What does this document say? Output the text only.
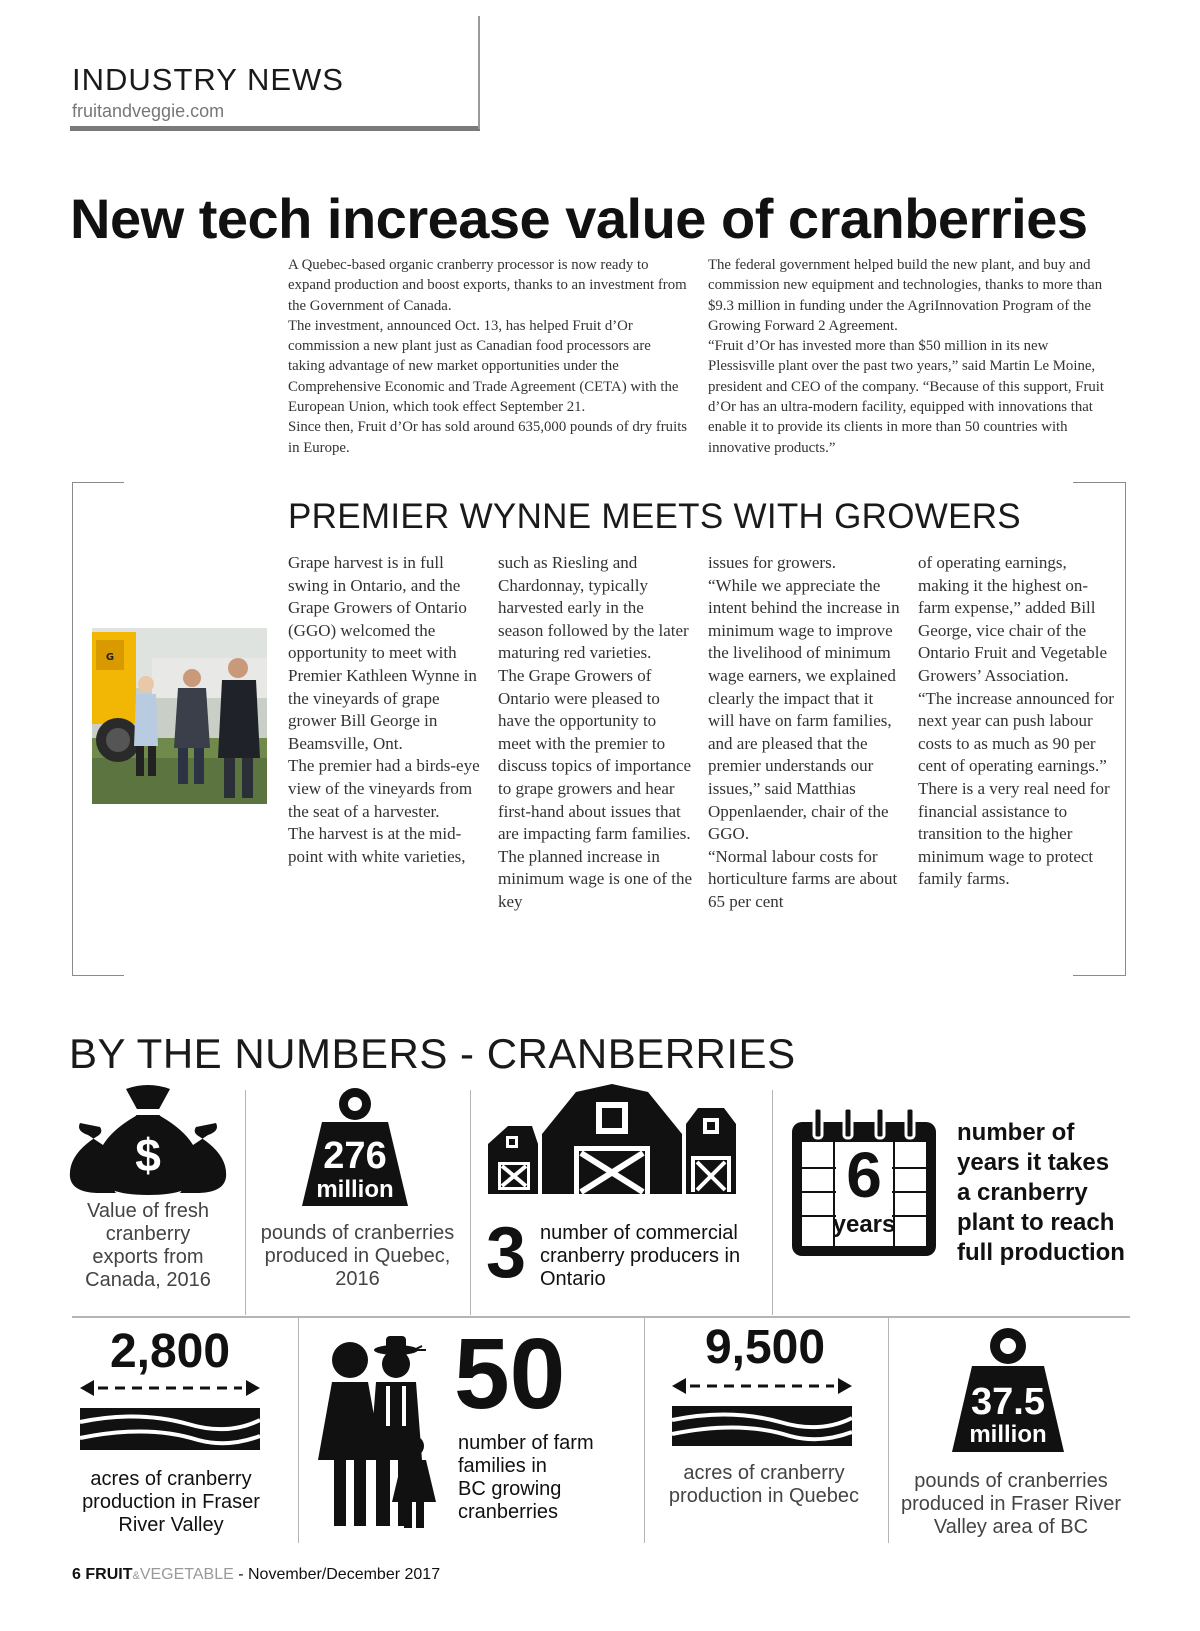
INDUSTRY NEWS
fruitandveggie.com
New tech increase value of cranberries

A Quebec-based organic cranberry processor is now ready to expand production and boost exports, thanks to an investment from the Government of Canada.

The investment, announced Oct. 13, has helped Fruit d’Or commission a new plant just as Canadian food processors are taking advantage of new market opportunities under the Comprehensive Economic and Trade Agreement (CETA) with the European Union, which took effect September 21.

Since then, Fruit d’Or has sold around 635,000 pounds of dry fruits in Europe.

The federal government helped build the new plant, and buy and commission new equipment and technologies, thanks to more than $9.3 million in funding under the AgriInnovation Program of the Growing Forward 2 Agreement.

“Fruit d’Or has invested more than $50 million in its new Plessisville plant over the past two years,” said Martin Le Moine, president and CEO of the company. “Because of this support, Fruit d’Or has an ultra-modern facility, equipped with innovations that enable it to provide its clients in more than 50 countries with innovative products.”

PREMIER WYNNE MEETS WITH GROWERS
G

Grape harvest is in full swing in Ontario, and the Grape Growers of Ontario (GGO) welcomed the opportunity to meet with Premier Kathleen Wynne in the vineyards of grape grower Bill George in Beamsville, Ont.

The premier had a birds-eye view of the vineyards from the seat of a harvester.

The harvest is at the mid-point with white varieties,

such as Riesling and Chardonnay, typically harvested early in the season followed by the later maturing red varieties.

The Grape Growers of Ontario were pleased to have the opportunity to meet with the premier to discuss topics of importance to grape growers and hear first-hand about issues that are impacting farm families. The planned increase in minimum wage is one of the key

issues for growers.

“While we appreciate the intent behind the increase in minimum wage to improve the livelihood of minimum wage earners, we explained clearly the impact that it will have on farm families, and are pleased that the premier understands our issues,” said Matthias Oppenlaender, chair of the GGO.

“Normal labour costs for horticulture farms are about 65 per cent

of operating earnings, making it the highest on-farm expense,” added Bill George, vice chair of the Ontario Fruit and Vegetable Growers’ Association.

“The increase announced for next year can push labour costs to as much as 90 per cent of operating earnings.”

There is a very real need for financial assistance to transition to the higher minimum wage to protect family farms.

BY THE NUMBERS - CRANBERRIES
$
Value of fresh
cranberry
exports from
Canada, 2016
276
million
pounds of cranberries
produced in Quebec,
2016	3 number of commercial
cranberry producers in
Ontario
6
years
number of
years it takes
a cranberry
plant to reach
full production
2,800
acres of cranberry
production in Fraser
River Valley
50
number of farm
families in
BC growing
cranberries
9,500
acres of cranberry
production in Quebec
37.5
million
pounds of cranberries
produced in Fraser River
Valley area of BC
6 FRUIT&VEGETABLE - November/December 2017
